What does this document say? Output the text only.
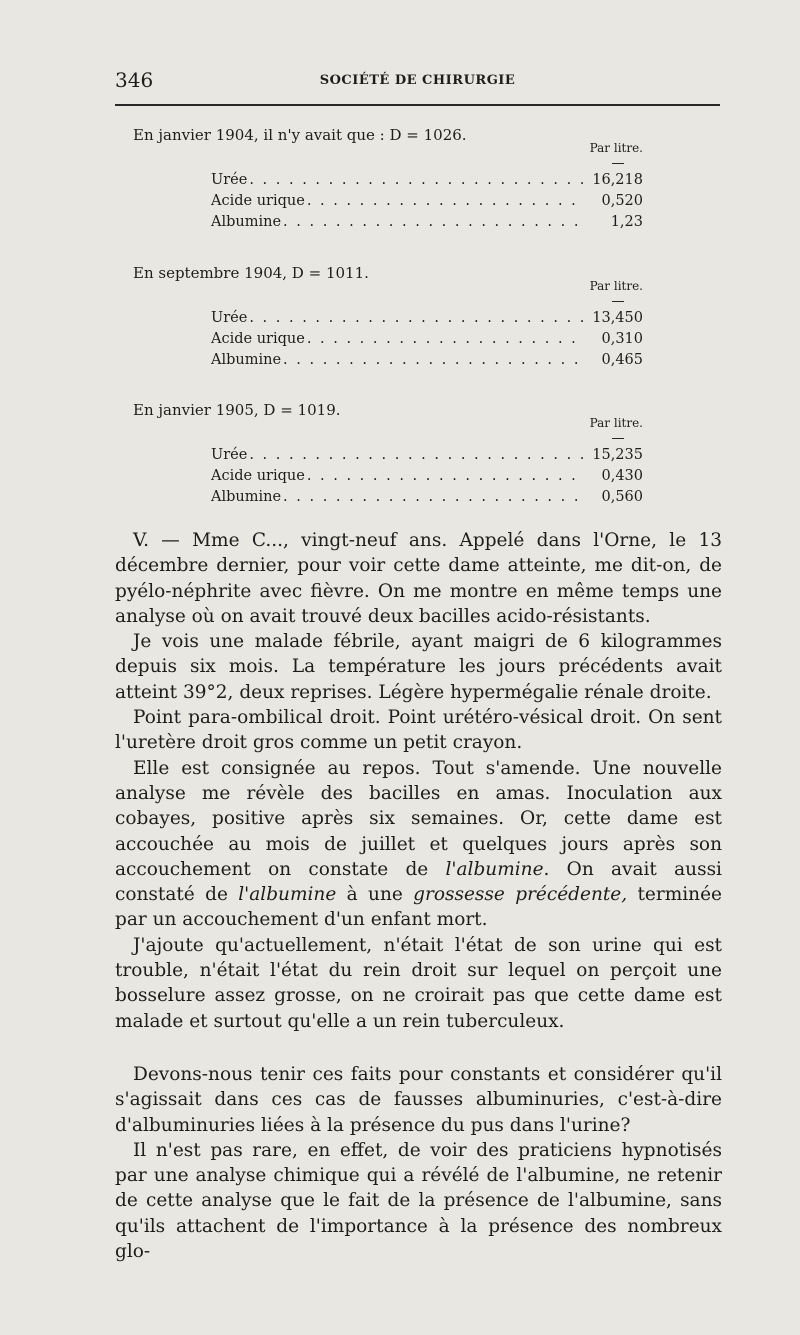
346	SOCIÉTÉ DE CHIRURGIE
En janvier 1904, il n'y avait que : D = 1026.
Par litre.
Urée . . .	16,218
Acide urique . . .	0,520
Albumine . . .	1,23
En septembre 1904, D = 1011.
Par litre.
Urée . . .	13,450
Acide urique . . .	0,310
Albumine . . .	0,465
En janvier 1905, D = 1019.
Par litre.
Urée . . .	15,235
Acide urique . . .	0,430
Albumine . . .	0,560

V. — Mme C..., vingt-neuf ans. Appelé dans l'Orne, le 13 décembre dernier, pour voir cette dame atteinte, me dit-on, de pyélo-néphrite avec fièvre. On me montre en même temps une analyse où on avait trouvé deux bacilles acido-résistants.

Je vois une malade fébrile, ayant maigri de 6 kilogrammes depuis six mois. La température les jours précédents avait atteint 39°2, deux reprises. Légère hypermégalie rénale droite.

Point para-ombilical droit. Point urétéro-vésical droit. On sent l'uretère droit gros comme un petit crayon.

Elle est consignée au repos. Tout s'amende. Une nouvelle analyse me révèle des bacilles en amas. Inoculation aux cobayes, positive après six semaines. Or, cette dame est accouchée au mois de juillet et quelques jours après son accouchement on constate de l'albumine. On avait aussi constaté de l'albumine à une grossesse précédente, terminée par un accouchement d'un enfant mort.

J'ajoute qu'actuellement, n'était l'état de son urine qui est trouble, n'était l'état du rein droit sur lequel on perçoit une bosselure assez grosse, on ne croirait pas que cette dame est malade et surtout qu'elle a un rein tuberculeux.

Devons-nous tenir ces faits pour constants et considérer qu'il s'agissait dans ces cas de fausses albuminuries, c'est-à-dire d'albuminuries liées à la présence du pus dans l'urine?

Il n'est pas rare, en effet, de voir des praticiens hypnotisés par une analyse chimique qui a révélé de l'albumine, ne retenir de cette analyse que le fait de la présence de l'albumine, sans qu'ils attachent de l'importance à la présence des nombreux glo-
